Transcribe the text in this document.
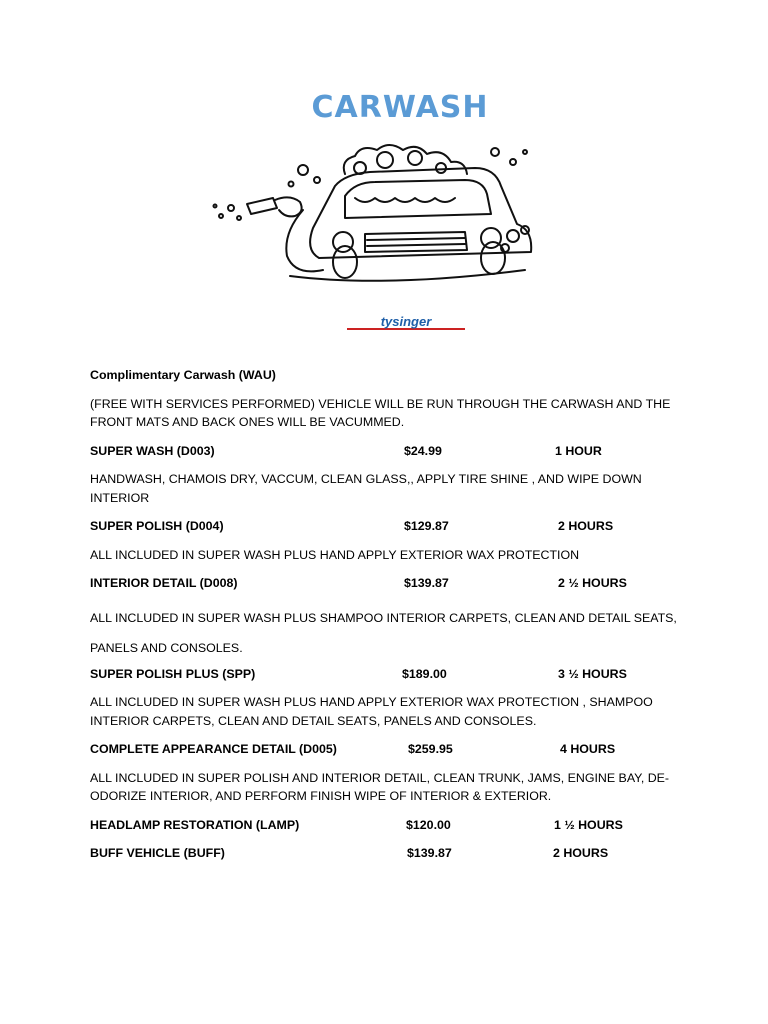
CARWASH
tysinger
Complimentary Carwash (WAU)
(FREE WITH SERVICES PERFORMED) VEHICLE WILL BE RUN THROUGH THE CARWASH AND THE FRONT MATS AND BACK ONES WILL BE VACUMMED.
SUPER WASH (D003)	$24.99	1 HOUR
HANDWASH, CHAMOIS DRY, VACCUM, CLEAN GLASS,, APPLY TIRE SHINE , AND WIPE DOWN INTERIOR
SUPER POLISH (D004)	$129.87	2 HOURS
ALL INCLUDED IN SUPER WASH PLUS HAND APPLY EXTERIOR WAX PROTECTION
INTERIOR DETAIL (D008)	$139.87	2 ½ HOURS
ALL INCLUDED IN SUPER WASH PLUS SHAMPOO INTERIOR CARPETS, CLEAN AND DETAIL SEATS, PANELS AND CONSOLES.
SUPER POLISH PLUS (SPP)	$189.00	3 ½ HOURS
ALL INCLUDED IN SUPER WASH PLUS HAND APPLY EXTERIOR WAX PROTECTION , SHAMPOO INTERIOR CARPETS, CLEAN AND DETAIL SEATS, PANELS AND CONSOLES.
COMPLETE APPEARANCE DETAIL (D005)	$259.95	4 HOURS
ALL INCLUDED IN SUPER POLISH AND INTERIOR DETAIL, CLEAN TRUNK, JAMS, ENGINE BAY, DE-ODORIZE INTERIOR, AND PERFORM FINISH WIPE OF INTERIOR & EXTERIOR.
HEADLAMP RESTORATION (LAMP)	$120.00	1 ½ HOURS
BUFF VEHICLE (BUFF)	$139.87	2 HOURS
